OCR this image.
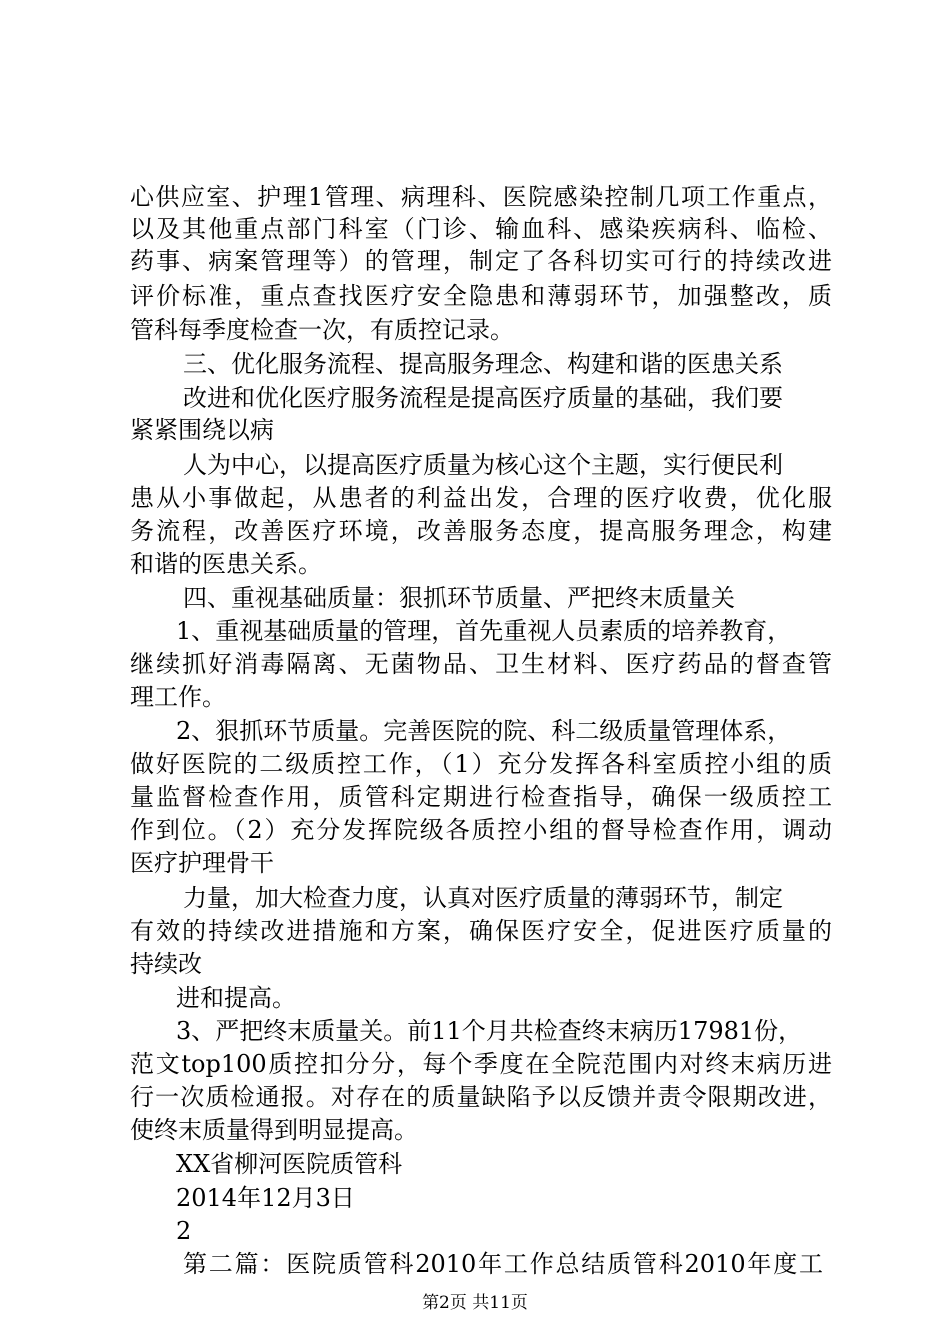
心供应室、护理1管理、病理科、医院感染控制几项工作重点，

以及其他重点部门科室（门诊、输血科、感染疾病科、临检、

药事、病案管理等）的管理，制定了各科切实可行的持续改进

评价标准，重点查找医疗安全隐患和薄弱环节，加强整改，质

管科每季度检查一次，有质控记录。

三、优化服务流程、提高服务理念、构建和谐的医患关系

改进和优化医疗服务流程是提高医疗质量的基础，我们要

紧紧围绕以病

人为中心，以提高医疗质量为核心这个主题，实行便民利

患从小事做起，从患者的利益出发，合理的医疗收费，优化服

务流程，改善医疗环境，改善服务态度，提高服务理念，构建

和谐的医患关系。

四、重视基础质量：狠抓环节质量、严把终末质量关

1、重视基础质量的管理，首先重视人员素质的培养教育，

继续抓好消毒隔离、无菌物品、卫生材料、医疗药品的督查管

理工作。

2、狠抓环节质量。完善医院的院、科二级质量管理体系，

做好医院的二级质控工作，（1）充分发挥各科室质控小组的质

量监督检查作用，质管科定期进行检查指导，确保一级质控工

作到位。（2）充分发挥院级各质控小组的督导检查作用，调动

医疗护理骨干

力量，加大检查力度，认真对医疗质量的薄弱环节，制定

有效的持续改进措施和方案，确保医疗安全，促进医疗质量的

持续改

进和提高。

3、严把终末质量关。前11个月共检查终末病历17981份，

范文top100质控扣分分，每个季度在全院范围内对终末病历进

行一次质检通报。对存在的质量缺陷予以反馈并责令限期改进，

使终末质量得到明显提高。

XX省柳河医院质管科

2014年12月3日

2

第二篇：医院质管科2010年工作总结质管科2010年度工

第2页 共11页
